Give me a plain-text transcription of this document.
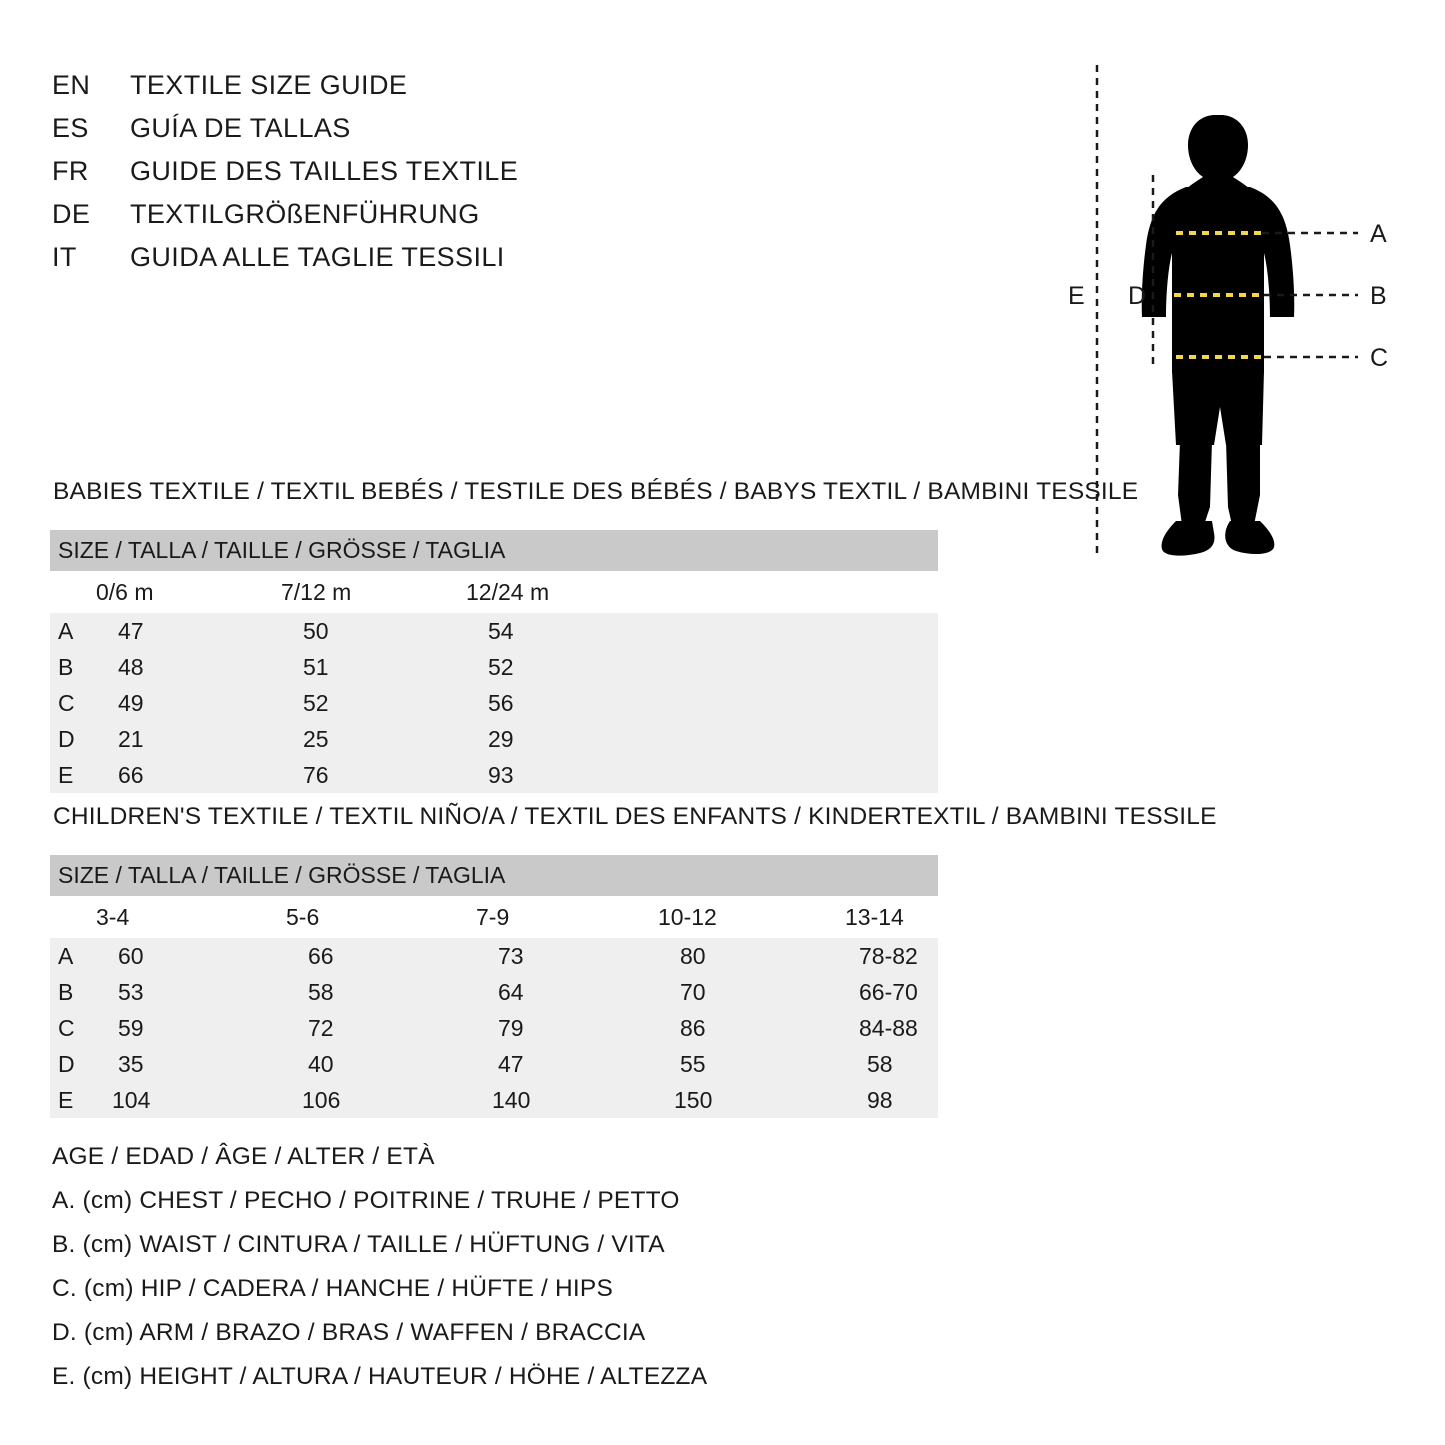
EN	TEXTILE SIZE GUIDE
ES	GUÍA DE TALLAS
FR	GUIDE DES TAILLES TEXTILE
DE	TEXTILGRÖßENFÜHRUNG
IT	GUIDA ALLE TAGLIE TESSILI
A
B
C
D
E
BABIES TEXTILE / TEXTIL BEBÉS / TESTILE DES BÉBÉS / BABYS TEXTIL / BAMBINI TESSILE
SIZE / TALLA / TAILLE / GRÖSSE / TAGLIA				
	0/6 m	7/12 m	12/24 m	
A	47	50	54	
B	48	51	52	
C	49	52	56	
D	21	25	29	
E	66	76	93	
CHILDREN'S TEXTILE / TEXTIL NIÑO/A / TEXTIL DES ENFANTS / KINDERTEXTIL / BAMBINI TESSILE
SIZE / TALLA / TAILLE / GRÖSSE / TAGLIA					
	3-4	5-6	7-9	10-12	13-14
A	60	66	73	80	78-82
B	53	58	64	70	66-70
C	59	72	79	86	84-88
D	35	40	47	55	58
E	104	106	140	150	98
AGE / EDAD / ÂGE / ALTER / ETÀ
A. (cm) CHEST / PECHO / POITRINE / TRUHE / PETTO
B. (cm) WAIST / CINTURA / TAILLE / HÜFTUNG / VITA
C. (cm) HIP / CADERA / HANCHE / HÜFTE / HIPS
D. (cm) ARM / BRAZO / BRAS / WAFFEN / BRACCIA
E. (cm) HEIGHT / ALTURA / HAUTEUR / HÖHE / ALTEZZA
